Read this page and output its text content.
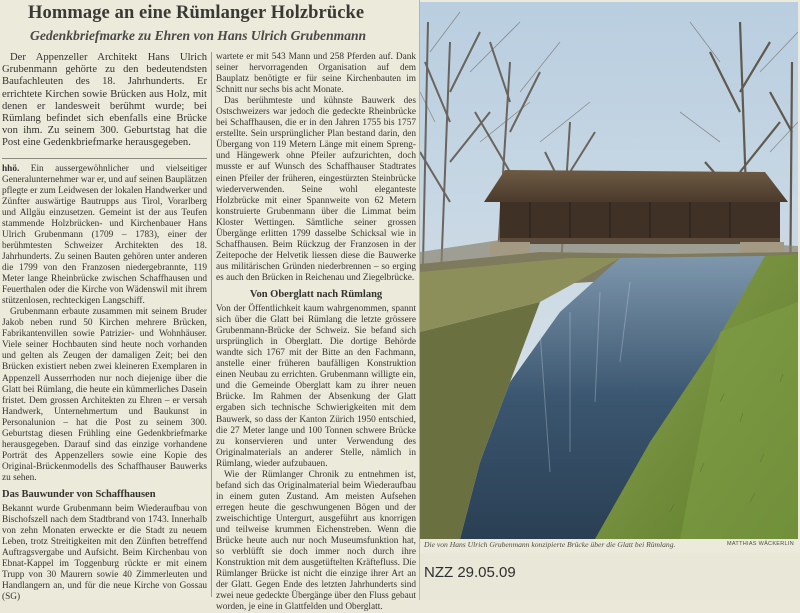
Hommage an eine Rümlanger Holzbrücke
Gedenkbriefmarke zu Ehren von Hans Ulrich Grubenmann

Der Appenzeller Architekt Hans Ulrich Grubenmann gehörte zu den bedeutendsten Baufachleuten des 18. Jahrhunderts. Er errichtete Kirchen sowie Brücken aus Holz, mit denen er landesweit berühmt wurde; bei Rümlang befindet sich ebenfalls eine Brücke von ihm. Zu seinem 300. Geburtstag hat die Post eine Gedenkbriefmarke herausgegeben.

hhö. Ein aussergewöhnlicher und vielseitiger Generalunternehmer war er, und auf seinen Bauplätzen pflegte er zum Leidwesen der lokalen Handwerker und Zünfter auswärtige Bautrupps aus Tirol, Vorarlberg und Allgäu einzusetzen. Gemeint ist der aus Teufen stammende Holzbrücken- und Kirchenbauer Hans Ulrich Grubenmann (1709 – 1783), einer der berühmtesten Schweizer Architekten des 18. Jahrhunderts. Zu seinen Bauten gehören unter anderen die 1799 von den Franzosen niedergebrannte, 119 Meter lange Rheinbrücke zwischen Schaffhausen und Feuerthalen oder die Kirche von Wädenswil mit ihrem stützenlosen, rechteckigen Langschiff.

Grubenmann erbaute zusammen mit seinem Bruder Jakob neben rund 50 Kirchen mehrere Brücken, Fabrikantenvillen sowie Patrizier- und Wohnhäuser. Viele seiner Hochbauten sind heute noch vorhanden und gelten als Zeugen der damaligen Zeit; bei den Brücken existiert neben zwei kleineren Exemplaren in Appenzell Ausserrhoden nur noch diejenige über die Glatt bei Rümlang, die heute ein kümmerliches Dasein fristet. Dem grossen Architekten zu Ehren – er versah Handwerk, Unternehmertum und Baukunst in Personalunion – hat die Post zu seinem 300. Geburtstag diesen Frühling eine Gedenkbriefmarke herausgegeben. Darauf sind das einzige vorhandene Porträt des Appenzellers sowie eine Kopie des Original-Brückenmodells des Schaffhauser Bauwerks zu sehen.

Das Bauwunder von Schaffhausen

Bekannt wurde Grubenmann beim Wiederaufbau von Bischofszell nach dem Stadtbrand von 1743. Innerhalb von zehn Monaten erweckte er die Stadt zu neuem Leben, trotz Streitigkeiten mit den Zünften betreffend Auftragsvergabe und Aufsicht. Beim Kirchenbau von Ebnat-Kappel im Toggenburg rückte er mit einem Trupp von 30 Maurern sowie 40 Zimmerleuten und Handlangern an, und für die neue Kirche von Gossau (SG)

wartete er mit 543 Mann und 258 Pferden auf. Dank seiner hervorragenden Organisation auf dem Bauplatz benötigte er für seine Kirchenbauten im Schnitt nur sechs bis acht Monate.

Das berühmteste und kühnste Bauwerk des Ostschweizers war jedoch die gedeckte Rheinbrücke bei Schaffhausen, die er in den Jahren 1755 bis 1757 erstellte. Sein ursprünglicher Plan bestand darin, den Übergang von 119 Metern Länge mit einem Spreng- und Hängewerk ohne Pfeiler aufzurichten, doch musste er auf Wunsch des Schaffhauser Stadtrates einen Pfeiler der früheren, eingestürzten Steinbrücke wiederverwenden. Seine wohl eleganteste Holzbrücke mit einer Spannweite von 62 Metern konstruierte Grubenmann über die Limmat beim Kloster Wettingen. Sämtliche seiner grossen Übergänge erlitten 1799 dasselbe Schicksal wie in Schaffhausen. Beim Rückzug der Franzosen in der Zeitepoche der Helvetik liessen diese die Bauwerke aus militärischen Gründen niederbrennen – so erging es auch den Brücken in Reichenau und Ziegelbrücke.

Von Oberglatt nach Rümlang

Von der Öffentlichkeit kaum wahrgenommen, spannt sich über die Glatt bei Rümlang die letzte grössere Grubenmann-Brücke der Schweiz. Sie befand sich ursprünglich in Oberglatt. Die dortige Behörde wandte sich 1767 mit der Bitte an den Fachmann, anstelle einer früheren baufälligen Konstruktion einen Neubau zu errichten. Grubenmann willigte ein, und die Gemeinde Oberglatt kam zu ihrer neuen Brücke. Im Rahmen der Absenkung der Glatt ergaben sich technische Schwierigkeiten mit dem Bauwerk, so dass der Kanton Zürich 1950 entschied, die 27 Meter lange und 100 Tonnen schwere Brücke zu konservieren und unter Verwendung des Originalmaterials an anderer Stelle, nämlich in Rümlang, wieder aufzubauen.

Wie der Rümlanger Chronik zu entnehmen ist, befand sich das Originalmaterial beim Wiederaufbau in einem guten Zustand. Am meisten Aufsehen erregen heute die geschwungenen Bögen und der zweischichtige Untergurt, ausgeführt aus knorrigen und teilweise krummen Eichenstreben. Wenn die Brücke heute auch nur noch Museumsfunktion hat, so verblüfft sie doch immer noch durch ihre Konstruktion mit dem ausgetüftelten Kräftefluss. Die Rümlanger Brücke ist nicht die einzige ihrer Art an der Glatt. Gegen Ende des letzten Jahrhunderts sind zwei neue gedeckte Übergänge über den Fluss gebaut worden, je eine in Glattfelden und Oberglatt.

Die von Hans Ulrich Grubenmann konzipierte Brücke über die Glatt bei Rümlang.	MATTHIAS WÄCKERLIN
NZZ 29.05.09
